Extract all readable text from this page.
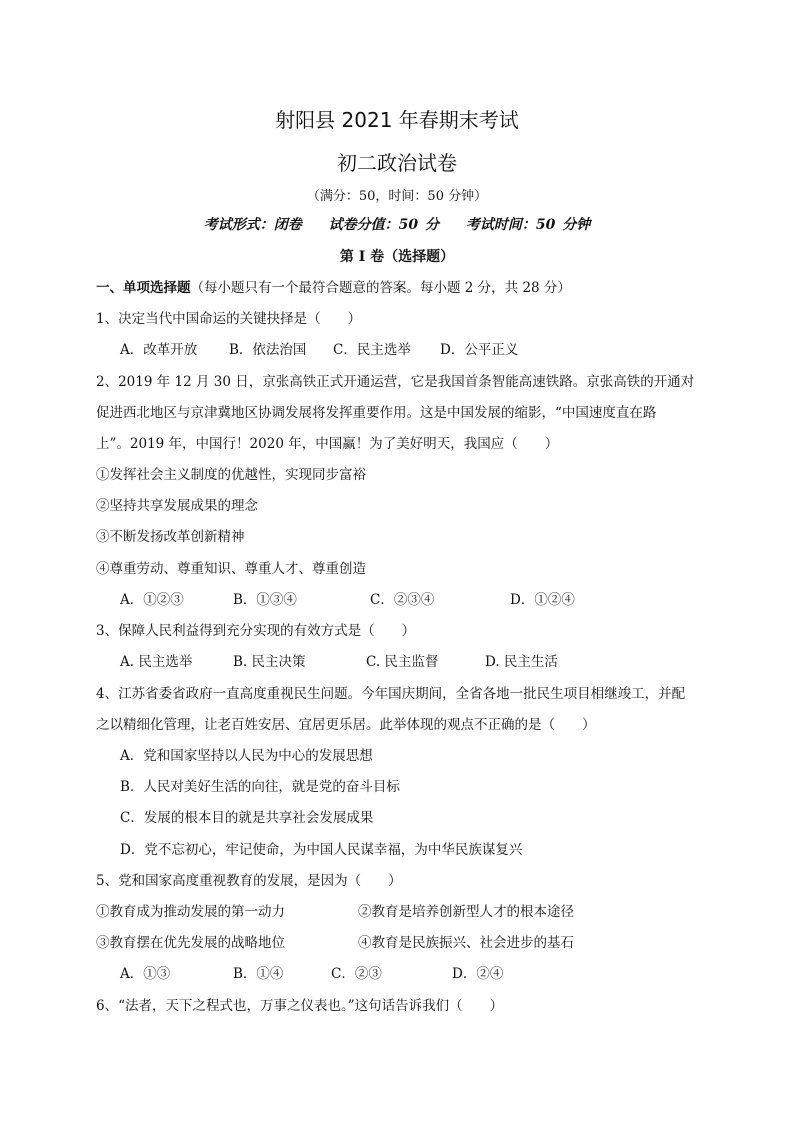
射阳县 2021 年春期末考试
初二政治试卷
（满分：50，时间：50 分钟）
考试形式：闭卷 试卷分值：50 分 考试时间：50 分钟
第 I 卷（选择题）
一、单项选择题（每小题只有一个最符合题意的答案。每小题 2 分，共 28 分）
1、决定当代中国命运的关键抉择是（　　）
A．改革开放 B．依法治国 C．民主选举 D．公平正义
2、2019 年 12 月 30 日，京张高铁正式开通运营，它是我国首条智能高速铁路。京张高铁的开通对
促进西北地区与京津冀地区协调发展将发挥重要作用。这是中国发展的缩影，“中国速度直在路
上”。2019 年，中国行！2020 年，中国赢！为了美好明天，我国应（　　）
①发挥社会主义制度的优越性，实现同步富裕
②坚持共享发展成果的理念
③不断发扬改革创新精神
④尊重劳动、尊重知识、尊重人才、尊重创造
A．①②③	B．①③④	C．②③④	D．①②④
3、保障人民利益得到充分实现的有效方式是（　　）
A. 民主选举	B. 民主决策	C. 民主监督	D. 民主生活
4、江苏省委省政府一直高度重视民生问题。今年国庆期间，全省各地一批民生项目相继竣工，并配
之以精细化管理，让老百姓安居、宜居更乐居。此举体现的观点不正确的是（　　）
A．党和国家坚持以人民为中心的发展思想
B．人民对美好生活的向往，就是党的奋斗目标
C．发展的根本目的就是共享社会发展成果
D．党不忘初心，牢记使命，为中国人民谋幸福，为中华民族谋复兴
5、党和国家高度重视教育的发展，是因为（　　）
①教育成为推动发展的第一动力	②教育是培养创新型人才的根本途径
③教育摆在优先发展的战略地位	④教育是民族振兴、社会进步的基石
A．①③	B．①④	C．②③	D．②④
6、“法者，天下之程式也，万事之仪表也。”这句话告诉我们（　　）
